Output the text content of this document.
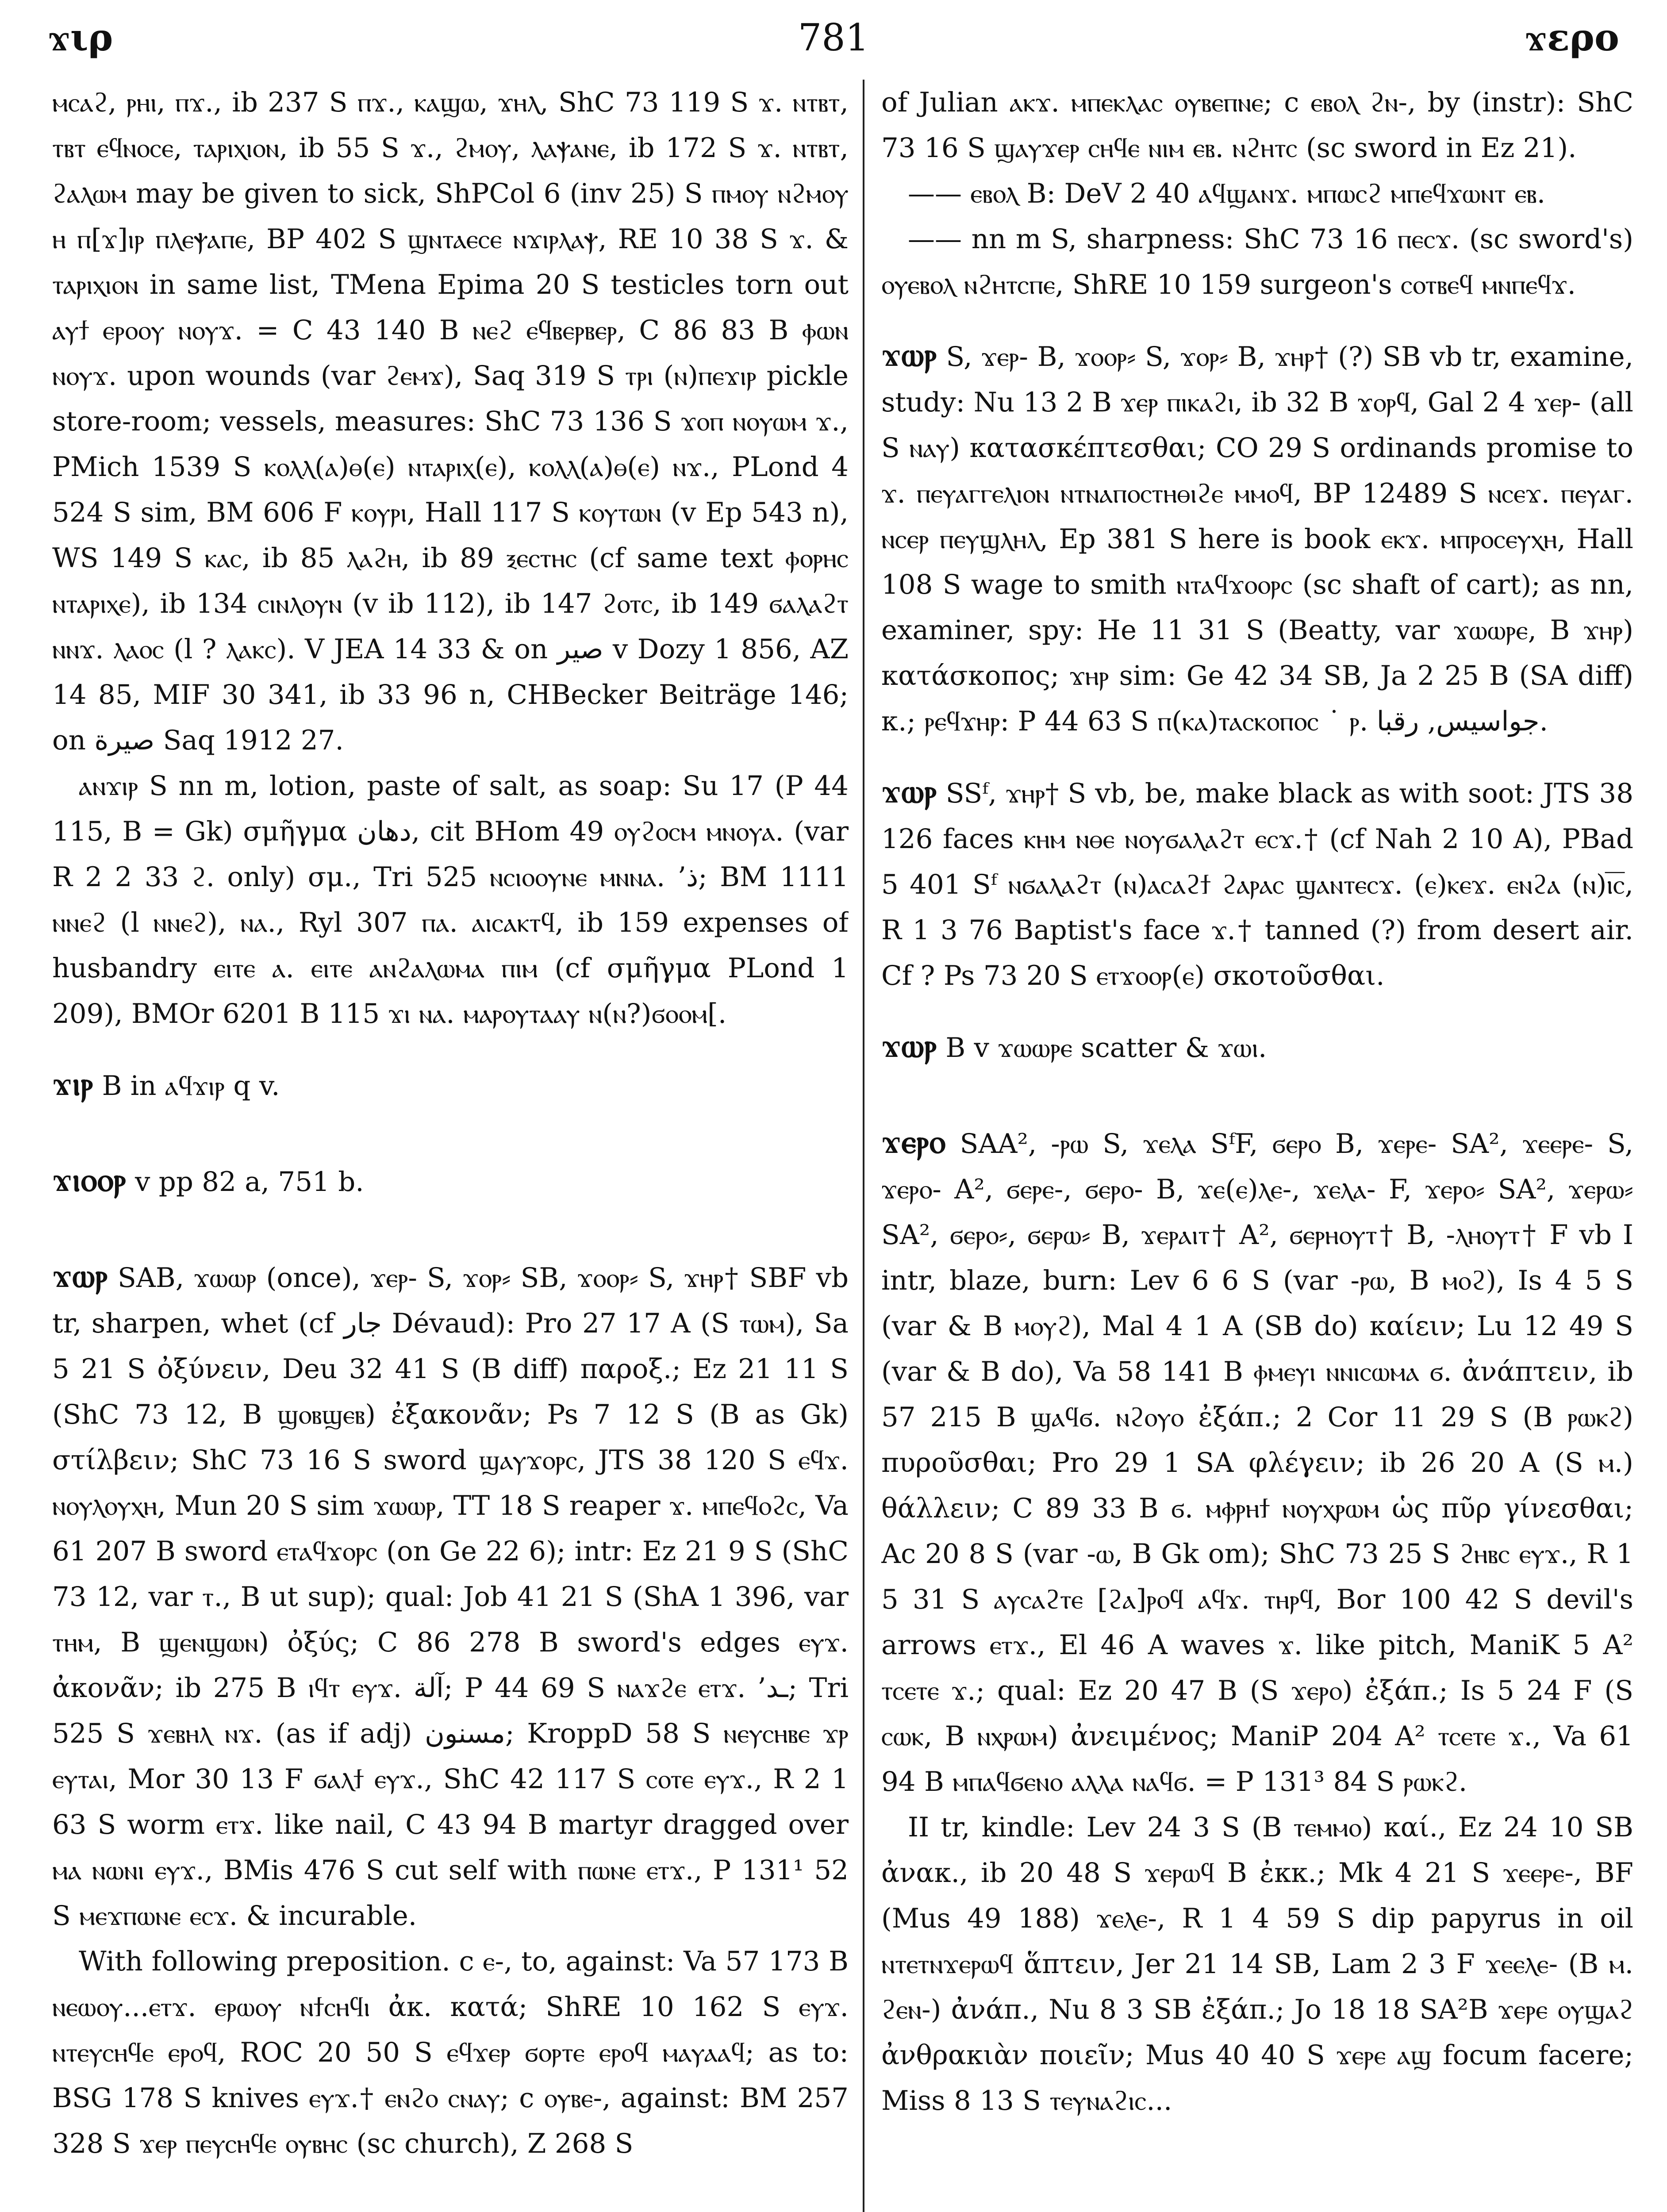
781
ϫιρ	ϫερο

ⲙⲥⲁϩ, ⲣⲏⲓ, ⲡϫ., ib 237 S ⲡϫ., ⲕⲁϣⲱ, ϫⲏⲗ, ShC 73 119 S ϫ. ⲛⲧⲃⲧ, ⲧⲃⲧ ⲉϥⲛⲟⲥⲉ, ⲧⲁⲣⲓⲭⲓⲟⲛ, ib 55 S ϫ., ϩⲙⲟⲩ, ⲗⲁⲯⲁⲛⲉ, ib 172 S ϫ. ⲛⲧⲃⲧ, ϩⲁⲗⲱⲙ may be given to sick, ShPCol 6 (inv 25) S ⲡⲙⲟⲩ ⲛϩⲙⲟⲩ ⲏ ⲡ[ϫ]ⲓⲣ ⲡⲗⲉⲯⲁⲡⲉ, BP 402 S ϣⲛⲧⲁⲉⲥⲉ ⲛϫⲓⲣⲗⲁⲯ, RE 10 38 S ϫ. & ⲧⲁⲣⲓⲭⲓⲟⲛ in same list, TMena Epima 20 S testicles torn out ⲁⲩϯ ⲉⲣⲟⲟⲩ ⲛⲟⲩϫ. = C 43 140 B ⲛⲉϩ ⲉϥⲃⲉⲣⲃⲉⲣ, C 86 83 B ⲫⲱⲛ ⲛⲟⲩϫ. upon wounds (var ϩⲉⲙϫ), Saq 319 S ⲧⲣⲓ (ⲛ)ⲡⲉϫⲓⲣ pickle store-room; vessels, measures: ShC 73 136 S ϫⲟⲡ ⲛⲟⲩⲱⲙ ϫ., PMich 1539 S ⲕⲟⲗⲗ(ⲁ)ⲑ(ⲉ) ⲛⲧⲁⲣⲓⲭ(ⲉ), ⲕⲟⲗⲗ(ⲁ)ⲑ(ⲉ) ⲛϫ., PLond 4 524 S sim, BM 606 F ⲕⲟⲩⲣⲓ, Hall 117 S ⲕⲟⲩⲧⲱⲛ (v Ep 543 n), WS 149 S ⲕⲁⲥ, ib 85 ⲗⲁϩⲏ, ib 89 ⲝⲉⲥⲧⲏⲥ (cf same text ⲫⲟⲣⲏⲥ ⲛⲧⲁⲣⲓⲭⲉ), ib 134 ⲥⲓⲛⲗⲟⲩⲛ (v ib 112), ib 147 ϩⲟⲧⲥ, ib 149 ϭⲁⲗⲁϩⲧ ⲛⲛϫ. ⲗⲁⲟⲥ (l ? ⲗⲁⲕⲥ). V JEA 14 33 & on صير v Dozy 1 856, AZ 14 85, MIF 30 341, ib 33 96 n, CHBecker Beiträge 146; on صيرة Saq 1912 27.

ⲁⲛϫⲓⲣ S nn m, lotion, paste of salt, as soap: Su 17 (P 44 115, B = Gk) σμῆγμα دهان, cit BHom 49 ⲟⲩϩⲟⲥⲙ ⲙⲛⲟⲩⲁ. (var R 2 2 33 ϩ. only) σμ., Tri 525 ⲛⲥⲓⲟⲟⲩⲛⲉ ⲙⲛⲛⲁ. ’ذ; BM 1111 ⲛⲛⲉϩ (l ⲛⲛⲉϩ), ⲛⲁ., Ryl 307 ⲡⲁ. ⲁⲓⲥⲁⲕⲧϥ, ib 159 expenses of husbandry ⲉⲓⲧⲉ ⲁ. ⲉⲓⲧⲉ ⲁⲛϩⲁⲗⲱⲙⲁ ⲡⲓⲙ (cf σμῆγμα PLond 1 209), BMOr 6201 B 115 ϫⲓ ⲛⲁ. ⲙⲁⲣⲟⲩⲧⲁⲁⲩ ⲛ(ⲛ?)ϭⲟⲟⲙ[.

ϫⲓⲣ B in ⲁϥϫⲓⲣ q v.

ϫⲓⲟⲟⲣ v pp 82 a, 751 b.

ϫⲱⲣ SAB, ϫⲱⲱⲣ (once), ϫⲉⲣ- S, ϫⲟⲣ⸗ SB, ϫⲟⲟⲣ⸗ S, ϫⲏⲣ† SBF vb tr, sharpen, whet (cf جار Dévaud): Pro 27 17 A (S ⲧⲱⲙ), Sa 5 21 S ὀξύνειν, Deu 32 41 S (B diff) παροξ.; Ez 21 11 S (ShC 73 12, B ϣⲟⲃϣⲉⲃ) ἐξακονᾶν; Ps 7 12 S (B as Gk) στίλβειν; ShC 73 16 S sword ϣⲁⲩϫⲟⲣⲥ, JTS 38 120 S ⲉϥϫ. ⲛⲟⲩⲗⲟⲩⲭⲏ, Mun 20 S sim ϫⲱⲱⲣ, TT 18 S reaper ϫ. ⲙⲡⲉϥⲟϩⲥ, Va 61 207 B sword ⲉⲧⲁϥϫⲟⲣⲥ (on Ge 22 6); intr: Ez 21 9 S (ShC 73 12, var ⲧ., B ut sup); qual: Job 41 21 S (ShA 1 396, var ⲧⲏⲙ, B ϣⲉⲛϣⲱⲛ) ὀξύς; C 86 278 B sword's edges ⲉⲩϫ. ἀκονᾶν; ib 275 B ⲓϥⲧ ⲉⲩϫ. آلة; P 44 69 S ⲛⲁϫϩⲉ ⲉⲧϫ. ’ـد; Tri 525 S ϫⲉⲃⲏⲗ ⲛϫ. (as if adj) مسنون; KroppD 58 S ⲛⲉⲩⲥⲏⲃⲉ ϫⲣ ⲉⲩⲧⲁⲓ, Mor 30 13 F ϭⲁⲗϯ ⲉⲩϫ., ShC 42 117 S ⲥⲟⲧⲉ ⲉⲩϫ., R 2 1 63 S worm ⲉⲧϫ. like nail, C 43 94 B martyr dragged over ⲙⲁ ⲛⲱⲛⲓ ⲉⲩϫ., BMis 476 S cut self with ⲡⲱⲛⲉ ⲉⲧϫ., P 131¹ 52 S ⲙⲉϫⲡⲱⲛⲉ ⲉⲥϫ. & incurable.

With following preposition. c ⲉ-, to, against: Va 57 173 B ⲛⲉⲱⲟⲩ...ⲉⲧϫ. ⲉⲣⲱⲟⲩ ⲛϯⲥⲏϥⲓ ἀκ. κατά; ShRE 10 162 S ⲉⲩϫ. ⲛⲧⲉⲩⲥⲏϥⲉ ⲉⲣⲟϥ, ROC 20 50 S ⲉϥϫⲉⲣ ϭⲟⲣⲧⲉ ⲉⲣⲟϥ ⲙⲁⲩⲁⲁϥ; as to: BSG 178 S knives ⲉⲩϫ.† ⲉⲛϩⲟ ⲥⲛⲁⲩ; c ⲟⲩⲃⲉ-, against: BM 257 328 S ϫⲉⲣ ⲡⲉⲩⲥⲏϥⲉ ⲟⲩⲃⲏⲥ (sc church), Z 268 S

of Julian ⲁⲕϫ. ⲙⲡⲉⲕⲗⲁⲥ ⲟⲩⲃⲉⲡⲛⲉ; c ⲉⲃⲟⲗ ϩⲛ-, by (instr): ShC 73 16 S ϣⲁⲩϫⲉⲣ ⲥⲏϥⲉ ⲛⲓⲙ ⲉⲃ. ⲛϩⲏⲧⲥ (sc sword in Ez 21).

—— ⲉⲃⲟⲗ B: DeV 2 40 ⲁϥϣⲁⲛϫ. ⲙⲡⲱⲥϩ ⲙⲡⲉϥϫⲱⲛⲧ ⲉⲃ.

—— nn m S, sharpness: ShC 73 16 ⲡⲉⲥϫ. (sc sword's) ⲟⲩⲉⲃⲟⲗ ⲛϩⲏⲧⲥⲡⲉ, ShRE 10 159 surgeon's ⲥⲟⲧⲃⲉϥ ⲙⲛⲡⲉϥϫ.

ϫⲱⲣ S, ϫⲉⲣ- B, ϫⲟⲟⲣ⸗ S, ϫⲟⲣ⸗ B, ϫⲏⲣ† (?) SB vb tr, examine, study: Nu 13 2 B ϫⲉⲣ ⲡⲓⲕⲁϩⲓ, ib 32 B ϫⲟⲣϥ, Gal 2 4 ϫⲉⲣ- (all S ⲛⲁⲩ) κατασκέπτεσθαι; CO 29 S ordinands promise to ϫ. ⲡⲉⲩⲁⲅⲅⲉⲗⲓⲟⲛ ⲛⲧⲛⲁⲡⲟⲥⲧⲏⲑⲓϩⲉ ⲙⲙⲟϥ, BP 12489 S ⲛⲥⲉϫ. ⲡⲉⲩⲁⲅ. ⲛⲥⲉⲣ ⲡⲉⲩϣⲗⲏⲗ, Ep 381 S here is book ⲉⲕϫ. ⲙⲡⲣⲟⲥⲉⲩⲭⲏ, Hall 108 S wage to smith ⲛⲧⲁϥϫⲟⲟⲣⲥ (sc shaft of cart); as nn, examiner, spy: He 11 31 S (Beatty, var ϫⲱⲱⲣⲉ, B ϫⲏⲣ) κατάσκοπος; ϫⲏⲣ sim: Ge 42 34 SB, Ja 2 25 B (SA diff) κ.; ⲣⲉϥϫⲏⲣ: P 44 63 S ⲡ(ⲕⲁ)ⲧⲁⲥⲕⲟⲡⲟⲥ ˙ ⲣ. جواسيس, رقبا.

ϫⲱⲣ SSᶠ, ϫⲏⲣ† S vb, be, make black as with soot: JTS 38 126 faces ⲕⲏⲙ ⲛⲑⲉ ⲛⲟⲩϭⲁⲗⲁϩⲧ ⲉⲥϫ.† (cf Nah 2 10 A), PBad 5 401 Sᶠ ⲛϭⲁⲗⲁϩⲧ (ⲛ)ⲁⲥⲁϩϯ ϩⲁⲣⲁⲥ ϣⲁⲛⲧⲉⲥϫ. (ⲉ)ⲕⲉϫ. ⲉⲛϩⲁ (ⲛ)ⲓ̅ⲥ̅, R 1 3 76 Baptist's face ϫ.† tanned (?) from desert air. Cf ? Ps 73 20 S ⲉⲧϫⲟⲟⲣ(ⲉ) σκοτοῦσθαι.

ϫⲱⲣ B v ϫⲱⲱⲣⲉ scatter & ϫⲱⲓ.

ϫⲉⲣⲟ SAA², -ⲣⲱ S, ϫⲉⲗⲁ SᶠF, ϭⲉⲣⲟ B, ϫⲉⲣⲉ- SA², ϫⲉⲉⲣⲉ- S, ϫⲉⲣⲟ- A², ϭⲉⲣⲉ-, ϭⲉⲣⲟ- B, ϫⲉ(ⲉ)ⲗⲉ-, ϫⲉⲗⲁ- F, ϫⲉⲣⲟ⸗ SA², ϫⲉⲣⲱ⸗ SA², ϭⲉⲣⲟ⸗, ϭⲉⲣⲱ⸗ B, ϫⲉⲣⲁⲓⲧ† A², ϭⲉⲣⲏⲟⲩⲧ† B, -ⲗⲏⲟⲩⲧ† F vb I intr, blaze, burn: Lev 6 6 S (var -ⲣⲱ, B ⲙⲟϩ), Is 4 5 S (var & B ⲙⲟⲩϩ), Mal 4 1 A (SB do) καίειν; Lu 12 49 S (var & B do), Va 58 141 B ⲫⲙⲉⲩⲓ ⲛⲛⲓⲥⲱⲙⲁ ϭ. ἀνάπτειν, ib 57 215 B ϣⲁϥϭ. ⲛϩⲟⲩⲟ ἐξάπ.; 2 Cor 11 29 S (B ⲣⲱⲕϩ) πυροῦσθαι; Pro 29 1 SA φλέγειν; ib 26 20 A (S ⲙ.) θάλλειν; C 89 33 B ϭ. ⲙⲫⲣⲏϯ ⲛⲟⲩⲭⲣⲱⲙ ὡς πῦρ γίνεσθαι; Ac 20 8 S (var -ⲱ, B Gk om); ShC 73 25 S ϩⲏⲃⲥ ⲉⲩϫ., R 1 5 31 S ⲁⲩⲥⲁϩⲧⲉ [ϩⲁ]ⲣⲟϥ ⲁϥϫ. ⲧⲏⲣϥ, Bor 100 42 S devil's arrows ⲉⲧϫ., El 46 A waves ϫ. like pitch, ManiK 5 A² ⲧⲥⲉⲧⲉ ϫ.; qual: Ez 20 47 B (S ϫⲉⲣⲟ) ἐξάπ.; Is 5 24 F (S ⲥⲱⲕ, B ⲛⲭⲣⲱⲙ) ἀνειμένος; ManiP 204 A² ⲧⲥⲉⲧⲉ ϫ., Va 61 94 B ⲙⲡⲁϥϭⲉⲛⲟ ⲁⲗⲗⲁ ⲛⲁϥϭ. = P 131³ 84 S ⲣⲱⲕϩ.

II tr, kindle: Lev 24 3 S (B ⲧⲉⲙⲙⲟ) καί., Ez 24 10 SB ἀνακ., ib 20 48 S ϫⲉⲣⲱϥ B ἐκκ.; Mk 4 21 S ϫⲉⲉⲣⲉ-, BF (Mus 49 188) ϫⲉⲗⲉ-, R 1 4 59 S dip papyrus in oil ⲛⲧⲉⲧⲛϫⲉⲣⲱϥ ἅπτειν, Jer 21 14 SB, Lam 2 3 F ϫⲉⲉⲗⲉ- (B ⲙ. ϩⲉⲛ-) ἀνάπ., Nu 8 3 SB ἐξάπ.; Jo 18 18 SA²B ϫⲉⲣⲉ ⲟⲩϣⲁϩ ἀνθρακιὰν ποιεῖν; Mus 40 40 S ϫⲉⲣⲉ ⲁϣ focum facere; Miss 8 13 S ⲧⲉⲩⲛⲁϩⲓⲥ...
